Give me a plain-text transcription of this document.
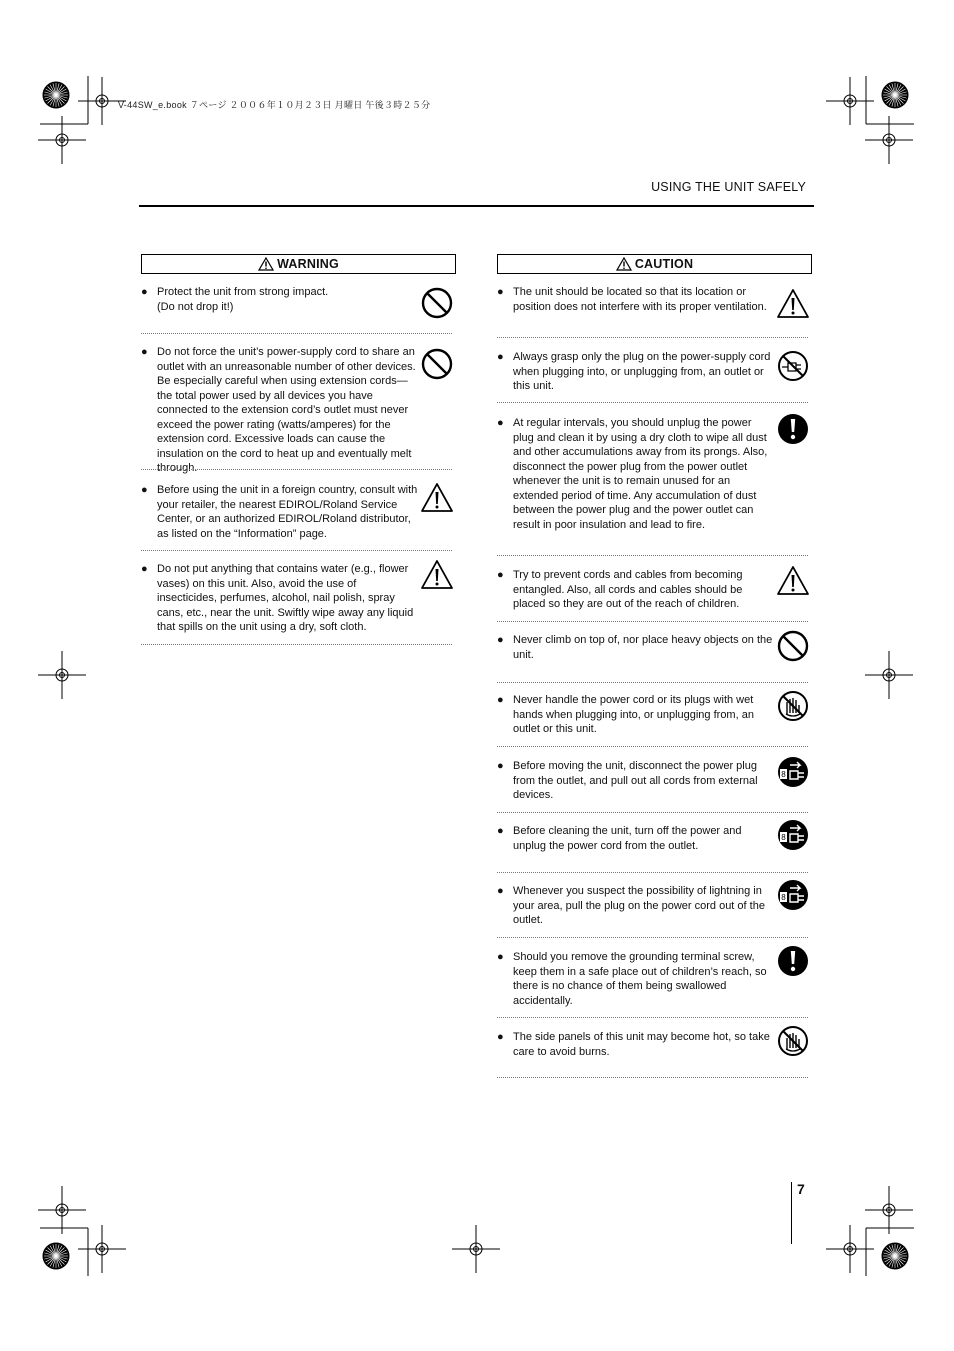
V-44SW_e.book ７ページ ２００６年１０月２３日 月曜日 午後３時２５分
USING THE UNIT SAFELY
7
WARNING
● Protect the unit from strong impact.
(Do not drop it!)
● Do not force the unit’s power-supply cord to share an outlet with an unreasonable number of other devices. Be especially careful when using extension cords—the total power used by all devices you have connected to the extension cord’s outlet must never exceed the power rating (watts/amperes) for the extension cord. Excessive loads can cause the insulation on the cord to heat up and eventually melt through.
● Before using the unit in a foreign country, consult with your retailer, the nearest EDIROL/Roland Service Center, or an authorized EDIROL/Roland distributor, as listed on the “Information” page.
● Do not put anything that contains water (e.g., flower vases) on this unit. Also, avoid the use of insecticides, perfumes, alcohol, nail polish, spray cans, etc., near the unit. Swiftly wipe away any liquid that spills on the unit using a dry, soft cloth.
CAUTION
● The unit should be located so that its location or position does not interfere with its proper ventilation.
● Always grasp only the plug on the power-supply cord when plugging into, or unplugging from, an outlet or this unit.
● At regular intervals, you should unplug the power plug and clean it by using a dry cloth to wipe all dust and other accumulations away from its prongs. Also, disconnect the power plug from the power outlet whenever the unit is to remain unused for an extended period of time. Any accumulation of dust between the power plug and the power outlet can result in poor insulation and lead to fire.
● Try to prevent cords and cables from becoming entangled. Also, all cords and cables should be placed so they are out of the reach of children.
● Never climb on top of, nor place heavy objects on the unit.
● Never handle the power cord or its plugs with wet hands when plugging into, or unplugging from, an outlet or this unit.
● Before moving the unit, disconnect the power plug from the outlet, and pull out all cords from external devices.
8
● Before cleaning the unit, turn off the power and unplug the power cord from the outlet.
8
● Whenever you suspect the possibility of lightning in your area, pull the plug on the power cord out of the outlet.
8
● Should you remove the grounding terminal screw, keep them in a safe place out of children’s reach, so there is no chance of them being swallowed accidentally.
● The side panels of this unit may become hot, so take care to avoid burns.
